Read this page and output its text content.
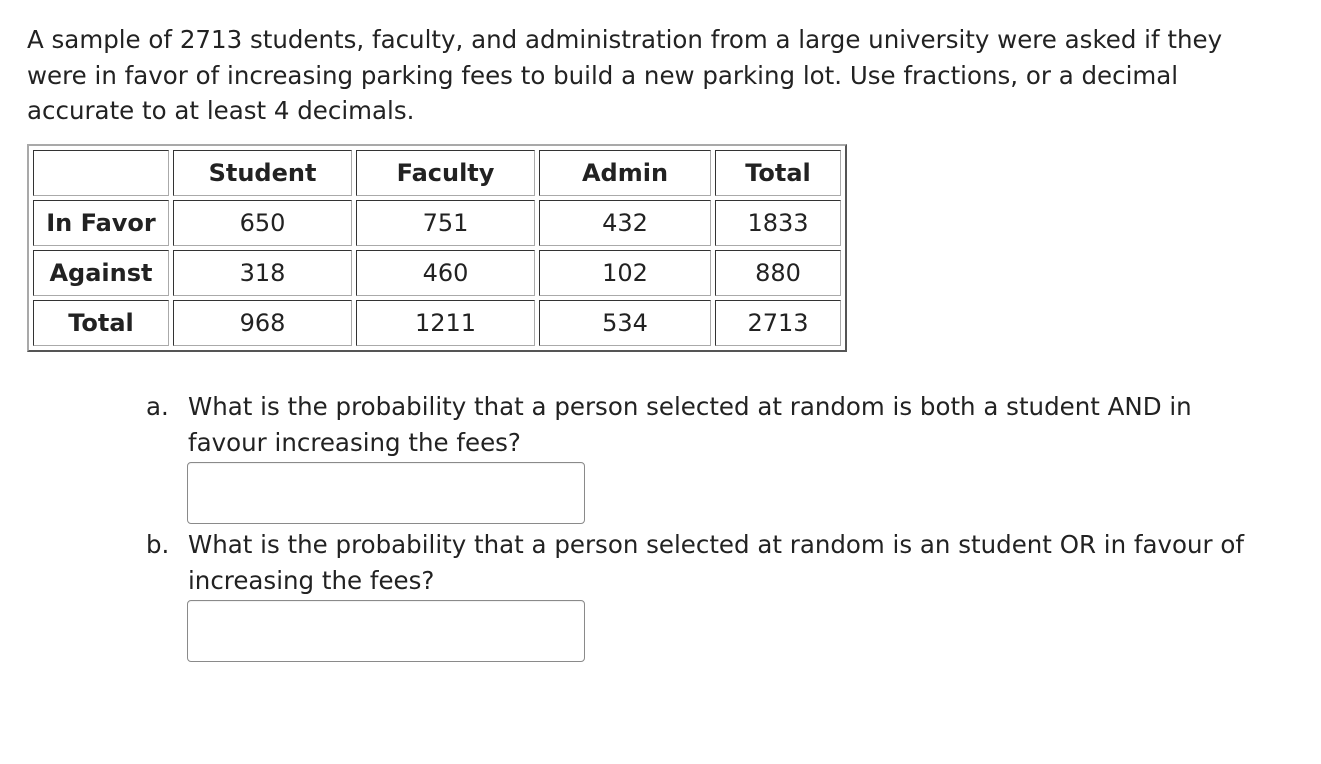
A sample of 2713 students, faculty, and administration from a large university were asked if they were in favor of increasing parking fees to build a new parking lot. Use fractions, or a decimal accurate to at least 4 decimals.

	Student	Faculty	Admin	Total
In Favor	650	751	432	1833
Against	318	460	102	880
Total	968	1211	534	2713
a. What is the probability that a person selected at random is both a student AND in favour increasing the fees?
b. What is the probability that a person selected at random is an student OR in favour of increasing the fees?
